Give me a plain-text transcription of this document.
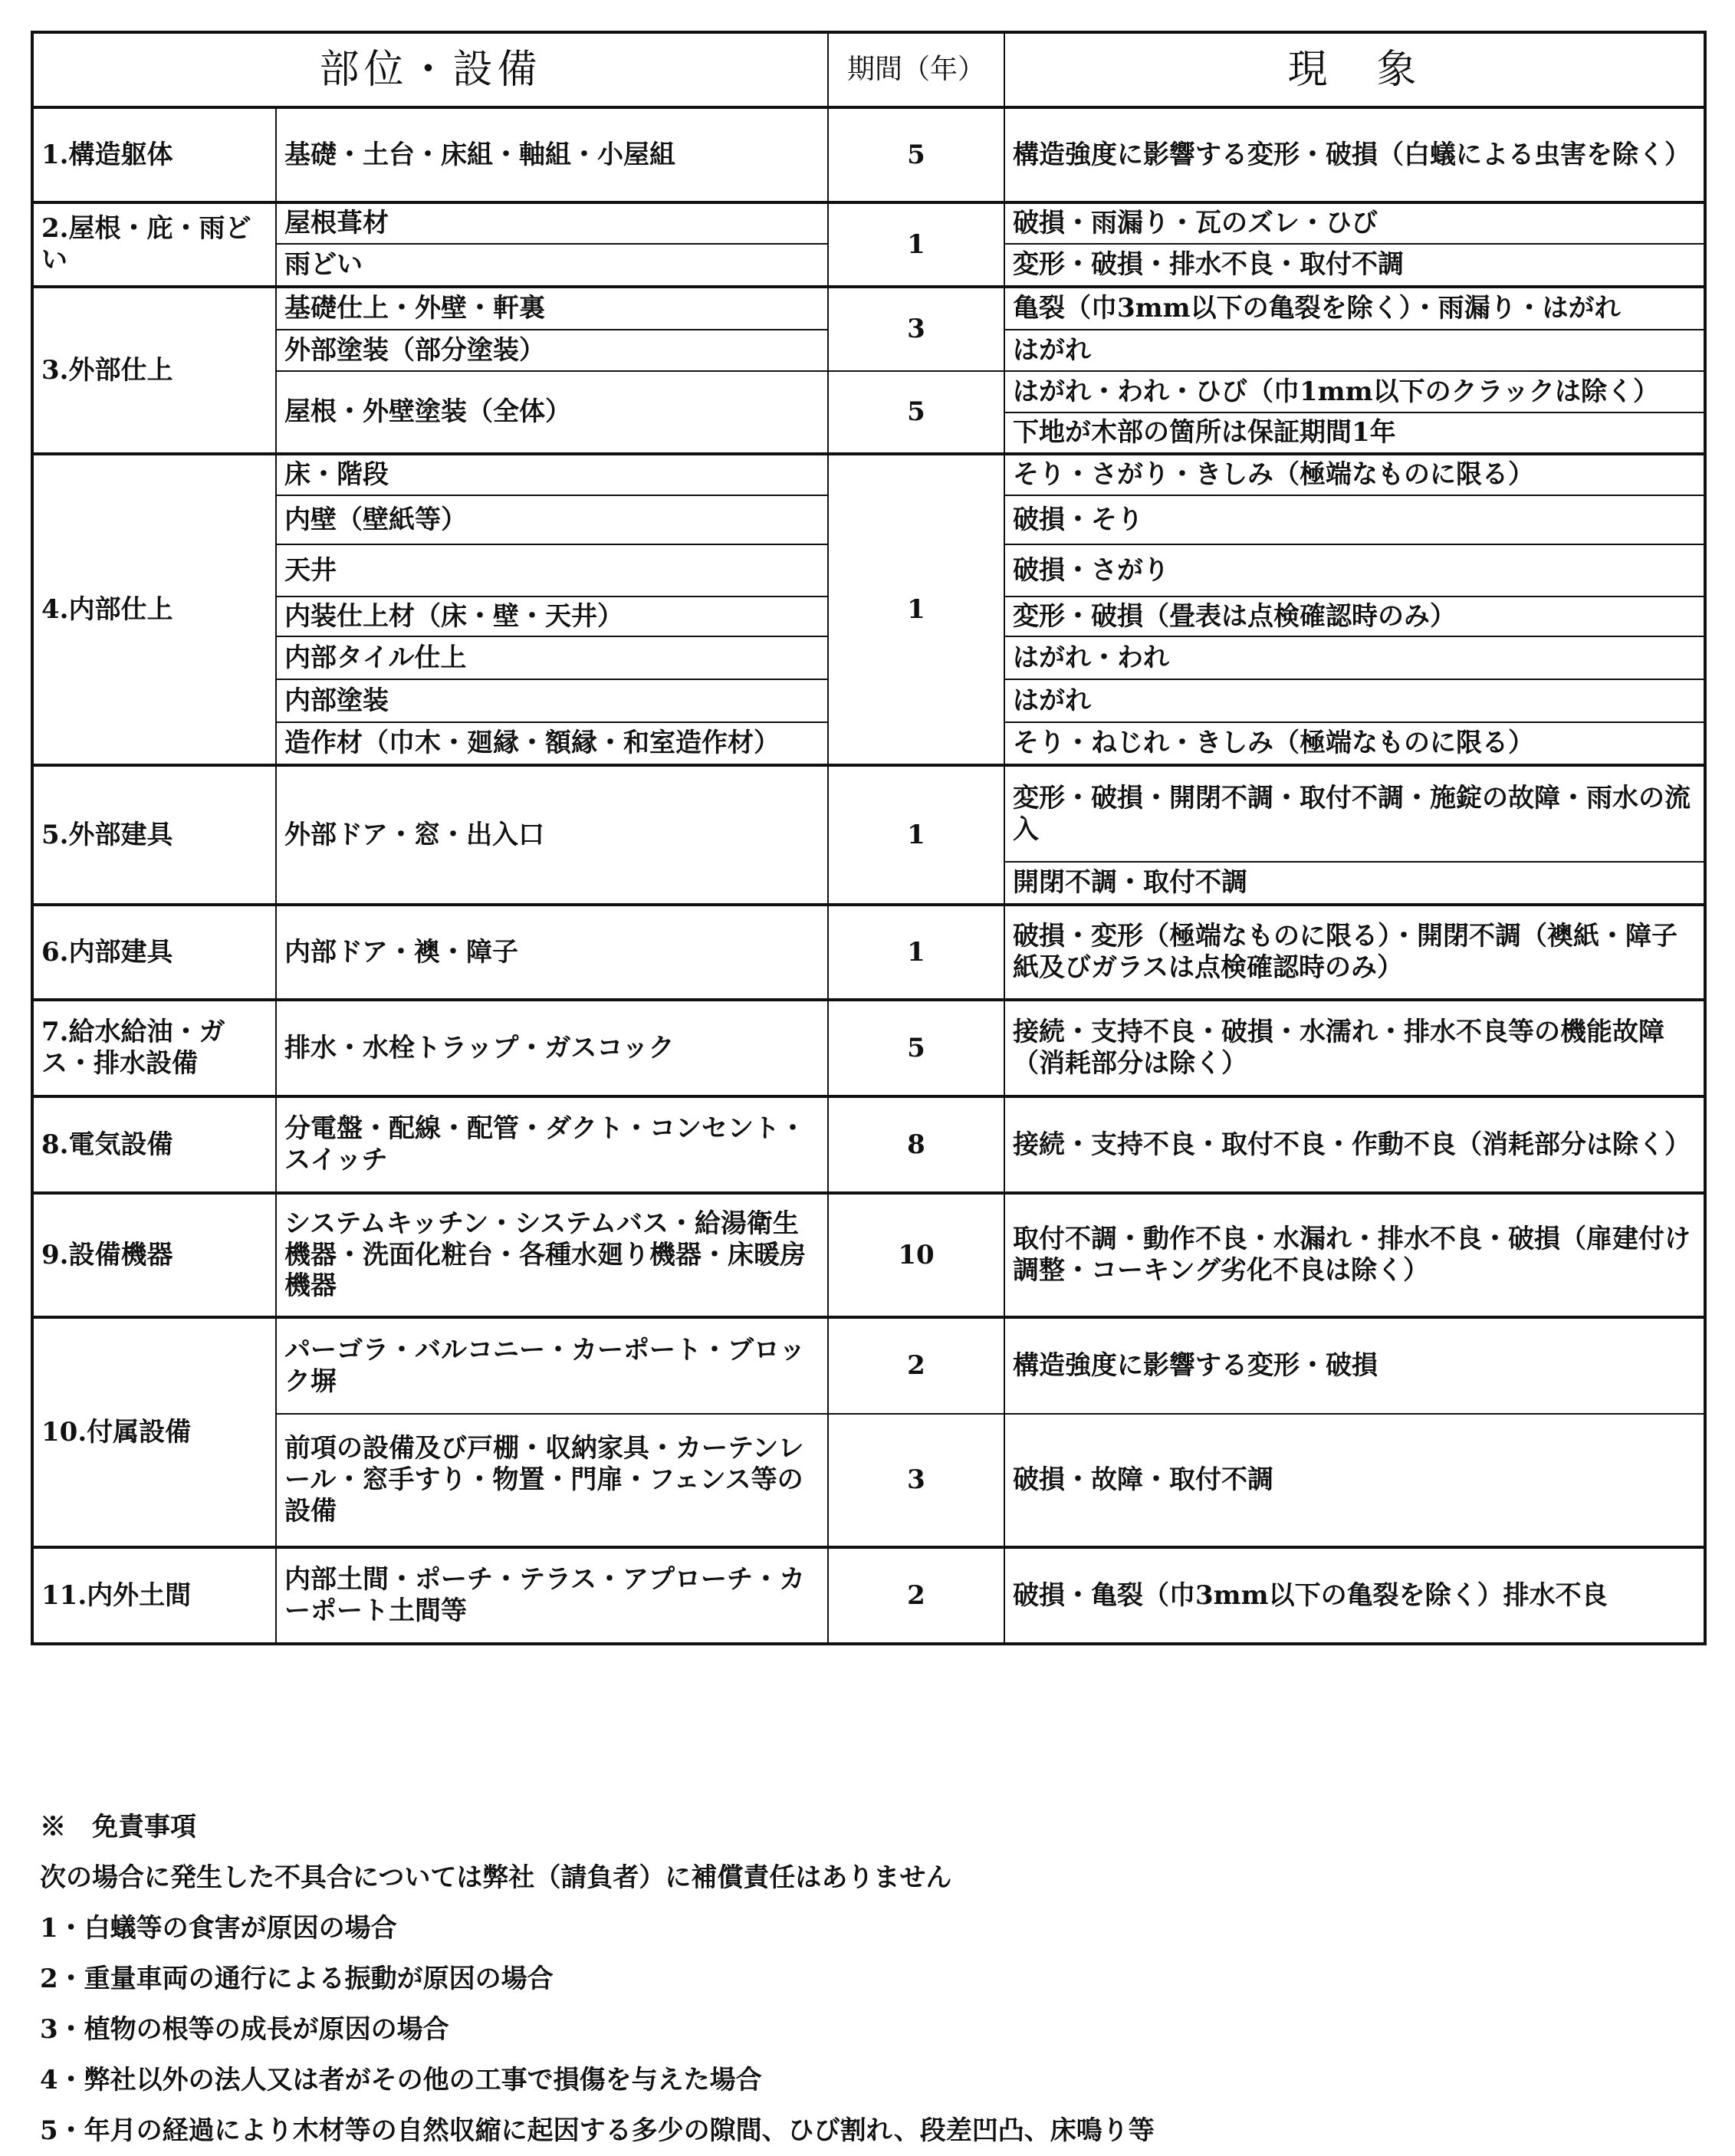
部位・設備		期間（年）	現　象
1.構造躯体	基礎・土台・床組・軸組・小屋組	5	構造強度に影響する変形・破損（白蟻による虫害を除く）
2.屋根・庇・雨どい	屋根葺材	1	破損・雨漏り・瓦のズレ・ひび
	雨どい		変形・破損・排水不良・取付不調
3.外部仕上	基礎仕上・外壁・軒裏	3	亀裂（巾3mm以下の亀裂を除く）・雨漏り・はがれ
	外部塗装（部分塗装）		はがれ
	屋根・外壁塗装（全体）	5	はがれ・われ・ひび（巾1mm以下のクラックは除く）
			下地が木部の箇所は保証期間1年
4.内部仕上	床・階段	1	そり・さがり・きしみ（極端なものに限る）
	内壁（壁紙等）		破損・そり
	天井		破損・さがり
	内装仕上材（床・壁・天井）		変形・破損（畳表は点検確認時のみ）
	内部タイル仕上		はがれ・われ
	内部塗装		はがれ
	造作材（巾木・廻縁・額縁・和室造作材）		そり・ねじれ・きしみ（極端なものに限る）
5.外部建具	外部ドア・窓・出入口	1	変形・破損・開閉不調・取付不調・施錠の故障・雨水の流入
			開閉不調・取付不調
6.内部建具	内部ドア・襖・障子	1	破損・変形（極端なものに限る）・開閉不調（襖紙・障子紙及びガラスは点検確認時のみ）
7.給水給油・ガス・排水設備	排水・水栓トラップ・ガスコック	5	接続・支持不良・破損・水濡れ・排水不良等の機能故障（消耗部分は除く）
8.電気設備	分電盤・配線・配管・ダクト・コンセント・スイッチ	8	接続・支持不良・取付不良・作動不良（消耗部分は除く）
9.設備機器	システムキッチン・システムバス・給湯衛生機器・洗面化粧台・各種水廻り機器・床暖房機器	10	取付不調・動作不良・水漏れ・排水不良・破損（扉建付け調整・コーキング劣化不良は除く）
10.付属設備	パーゴラ・バルコニー・カーポート・ブロック塀	2	構造強度に影響する変形・破損
	前項の設備及び戸棚・収納家具・カーテンレール・窓手すり・物置・門扉・フェンス等の設備	3	破損・故障・取付不調
11.内外土間	内部土間・ポーチ・テラス・アプローチ・カーポート土間等	2	破損・亀裂（巾3mm以下の亀裂を除く）排水不良
※　免責事項
次の場合に発生した不具合については弊社（請負者）に補償責任はありません
1・白蟻等の食害が原因の場合
2・重量車両の通行による振動が原因の場合
3・植物の根等の成長が原因の場合
4・弊社以外の法人又は者がその他の工事で損傷を与えた場合
5・年月の経過により木材等の自然収縮に起因する多少の隙間、ひび割れ、段差凹凸、床鳴り等
